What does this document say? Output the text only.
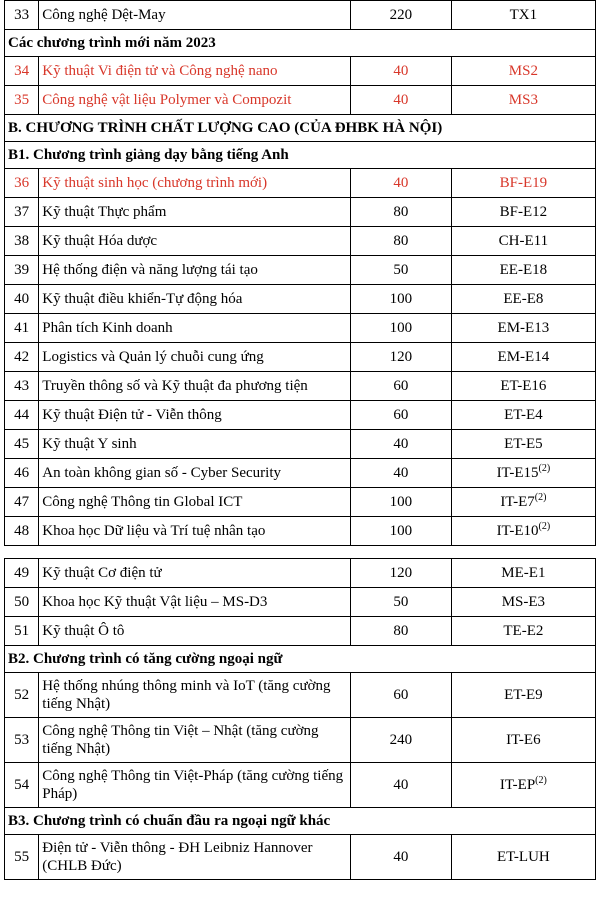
33	Công nghệ Dệt-May	220	TX1
Các chương trình mới năm 2023			
34	Kỹ thuật Vi điện tử và Công nghệ nano	40	MS2
35	Công nghệ vật liệu Polymer và Compozit	40	MS3
B. CHƯƠNG TRÌNH CHẤT LƯỢNG CAO (CỦA ĐHBK HÀ NỘI)			
B1. Chương trình giảng dạy bằng tiếng Anh			
36	Kỹ thuật sinh học (chương trình mới)	40	BF-E19
37	Kỹ thuật Thực phẩm	80	BF-E12
38	Kỹ thuật Hóa dược	80	CH-E11
39	Hệ thống điện và năng lượng tái tạo	50	EE-E18
40	Kỹ thuật điều khiển-Tự động hóa	100	EE-E8
41	Phân tích Kinh doanh	100	EM-E13
42	Logistics và Quản lý chuỗi cung ứng	120	EM-E14
43	Truyền thông số và Kỹ thuật đa phương tiện	60	ET-E16
44	Kỹ thuật Điện tử - Viễn thông	60	ET-E4
45	Kỹ thuật Y sinh	40	ET-E5
46	An toàn không gian số - Cyber Security	40	IT-E15$^{(2)}$
47	Công nghệ Thông tin Global ICT	100	IT-E7$^{(2)}$
48	Khoa học Dữ liệu và Trí tuệ nhân tạo	100	IT-E10$^{(2)}$
49	Kỹ thuật Cơ điện tử	120	ME-E1
50	Khoa học Kỹ thuật Vật liệu – MS-D3	50	MS-E3
51	Kỹ thuật Ô tô	80	TE-E2
B2. Chương trình có tăng cường ngoại ngữ			
52	Hệ thống nhúng thông minh và IoT (tăng cường tiếng Nhật)	60	ET-E9
53	Công nghệ Thông tin Việt – Nhật (tăng cường tiếng Nhật)	240	IT-E6
54	Công nghệ Thông tin Việt-Pháp (tăng cường tiếng Pháp)	40	IT-EP$^{(2)}$
B3. Chương trình có chuẩn đầu ra ngoại ngữ khác			
55	Điện tử - Viễn thông - ĐH Leibniz Hannover (CHLB Đức)	40	ET-LUH
